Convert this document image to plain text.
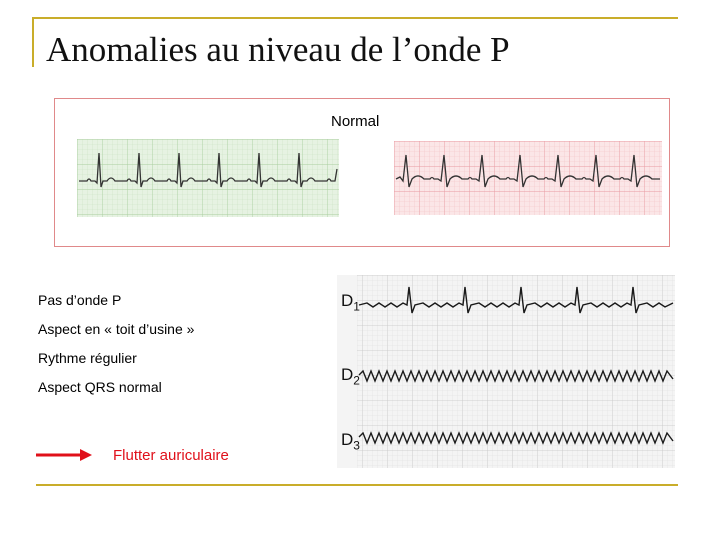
Anomalies au niveau de l’onde P
Normal
Pas d’onde P
Aspect en « toit d’usine »
Rythme régulier
Aspect QRS normal
Flutter auriculaire
$D_1$
$D_2$
$D_3$
